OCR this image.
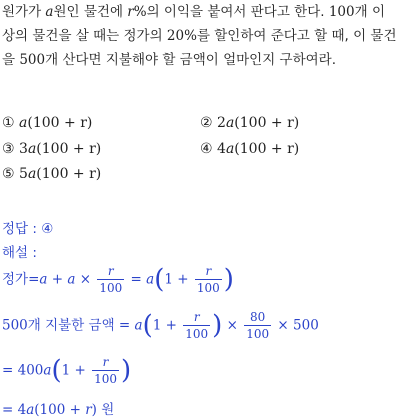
원가가 a원인 물건에 r%의 이익을 붙여서 판다고 한다. 100개 이상의 물건을 살 때는 정가의 20%를 할인하여 준다고 할 때, 이 물건을 500개 산다면 지불해야 할 금액이 얼마인지 구하여라.

① a(100 + r)	② 2a(100 + r)
③ 3a(100 + r)	④ 4a(100 + r)
⑤ 5a(100 + r)
정답 : ④
해설 :
정가$=a + a \times \frac{r}{100} = a(1 + \frac{r}{100}$ )
500개 지불한 금액 = $a(1 + \frac{r}{100}$ ) × $\frac{80}{100} \times 500$
= $400a(1 + \frac{r}{100}$ )
= 4a(100 + r) 원
